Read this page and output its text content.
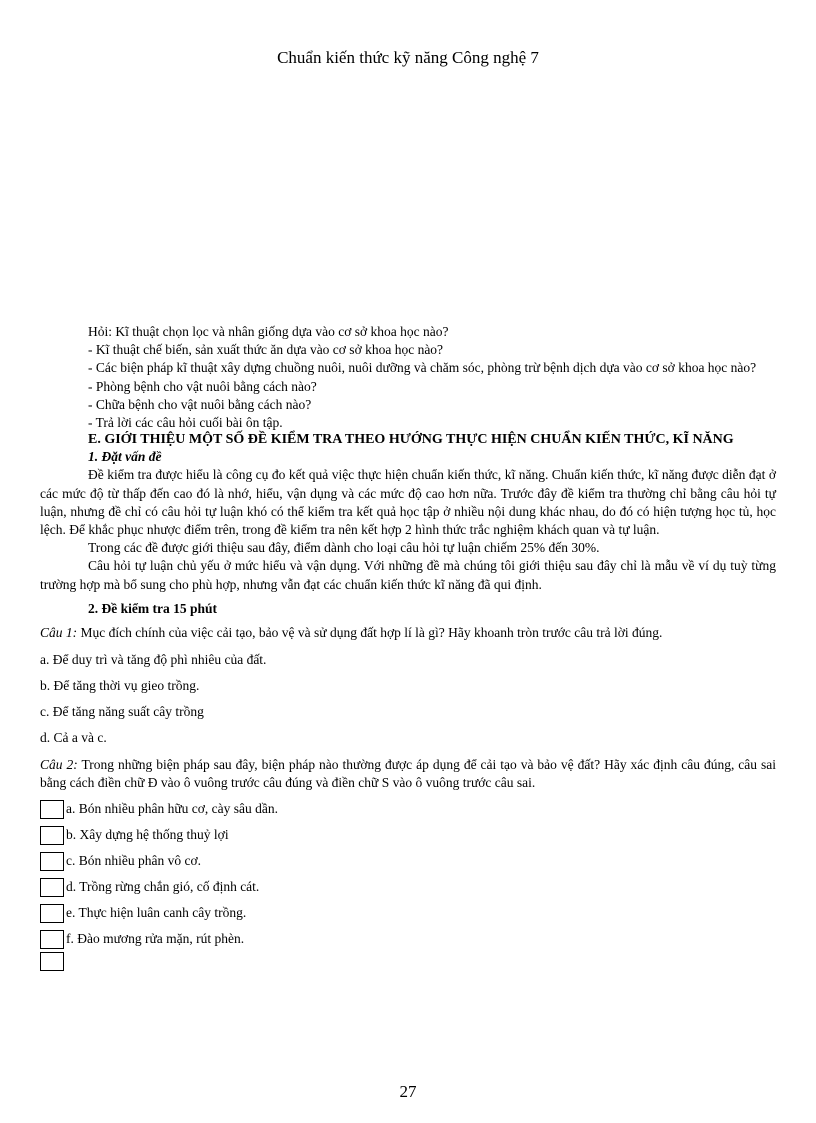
Chuẩn kiến thức kỹ năng Công nghệ 7

Hỏi: Kĩ thuật chọn lọc và nhân giống dựa vào cơ sở khoa học nào?

- Kĩ thuật chế biến, sản xuất thức ăn dựa vào cơ sở khoa học nào?

- Các biện pháp kĩ thuật xây dựng chuồng nuôi, nuôi dưỡng và chăm sóc, phòng trừ bệnh dịch dựa vào cơ sở khoa học nào?

- Phòng bệnh cho vật nuôi bằng cách nào?

- Chữa bệnh cho vật nuôi bằng cách nào?

- Trả lời các câu hỏi cuối bài ôn tập.

E. GIỚI THIỆU MỘT SỐ ĐỀ KIỂM TRA THEO HƯỚNG THỰC HIỆN CHUẨN KIẾN THỨC, KĨ NĂNG

1. Đặt vấn đề

Đề kiểm tra được hiểu là công cụ đo kết quả việc thực hiện chuẩn kiến thức, kĩ năng. Chuẩn kiến thức, kĩ năng được diễn đạt ở các mức độ từ thấp đến cao đó là nhớ, hiểu, vận dụng và các mức độ cao hơn nữa. Trước đây đề kiểm tra thường chỉ bằng câu hỏi tự luận, nhưng đề chỉ có câu hỏi tự luận khó có thể kiểm tra kết quả học tập ở nhiều nội dung khác nhau, do đó có hiện tượng học tủ, học lệch. Để khắc phục nhược điểm trên, trong đề kiểm tra nên kết hợp 2 hình thức trắc nghiệm khách quan và tự luận.

Trong các đề được giới thiệu sau đây, điểm dành cho loại câu hỏi tự luận chiếm 25% đến 30%.

Câu hỏi tự luận chủ yếu ở mức hiểu và vận dụng. Với những đề mà chúng tôi giới thiệu sau đây chỉ là mẫu về ví dụ tuỳ từng trường hợp mà bổ sung cho phù hợp, nhưng vẫn đạt các chuẩn kiến thức kĩ năng đã qui định.

2. Đề kiểm tra 15 phút

Câu 1: Mục đích chính của việc cải tạo, bảo vệ và sử dụng đất hợp lí là gì? Hãy khoanh tròn trước câu trả lời đúng.

a. Để duy trì và tăng độ phì nhiêu của đất.

b. Để tăng thời vụ gieo trồng.

c. Để tăng năng suất cây trồng

d. Cả a và c.

Câu 2: Trong những biện pháp sau đây, biện pháp nào thường được áp dụng để cải tạo và bảo vệ đất? Hãy xác định câu đúng, câu sai bằng cách điền chữ Đ vào ô vuông trước câu đúng và điền chữ S vào ô vuông trước câu sai.

a. Bón nhiều phân hữu cơ, cày sâu dần.
b. Xây dựng hệ thống thuỷ lợi
c. Bón nhiều phân vô cơ.
d. Trồng rừng chắn gió, cố định cát.
e. Thực hiện luân canh cây trồng.
f. Đào mương rửa mặn, rút phèn.
27
